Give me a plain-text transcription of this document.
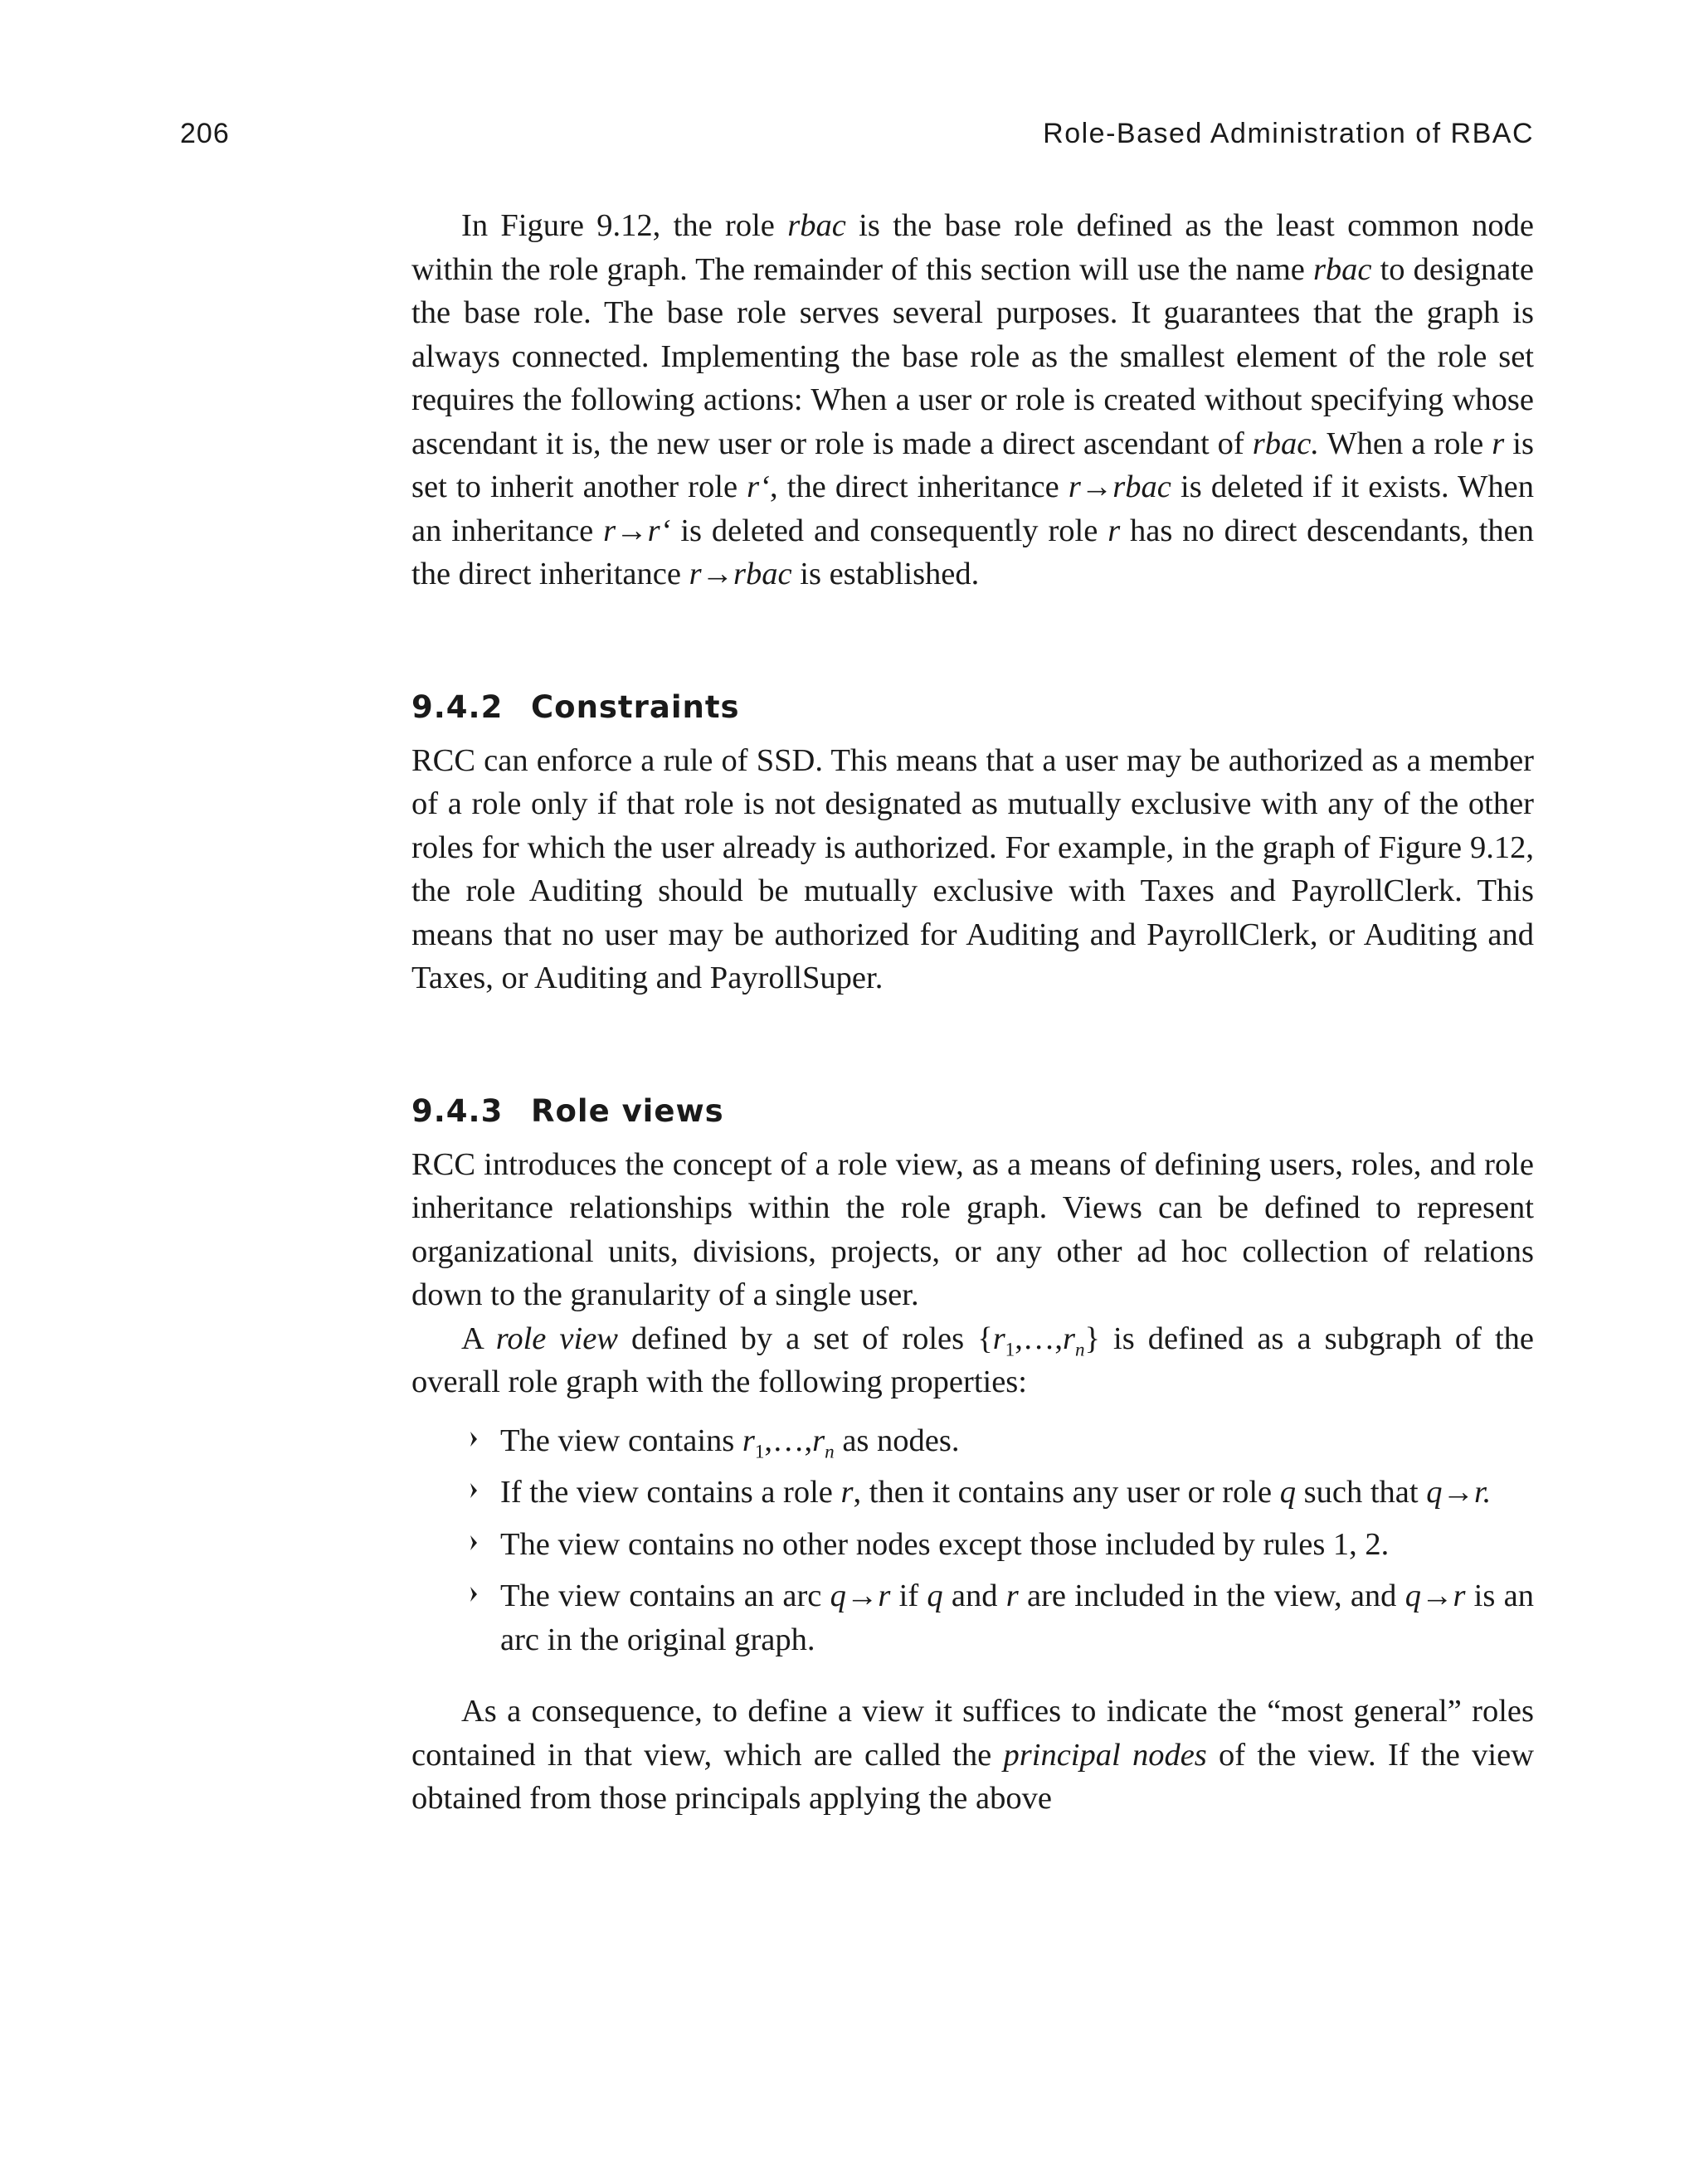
206	Role-Based Administration of RBAC

In Figure 9.12, the role rbac is the base role defined as the least common node within the role graph. The remainder of this section will use the name rbac to designate the base role. The base role serves several purposes. It guarantees that the graph is always connected. Implementing the base role as the smallest element of the role set requires the following actions: When a user or role is created without specifying whose ascendant it is, the new user or role is made a direct ascendant of rbac. When a role r is set to inherit another role r‘, the direct inheritance r→rbac is deleted if it exists. When an inheritance r→r‘ is deleted and consequently role r has no direct descendants, then the direct inheritance r→rbac is established.

9.4.2 Constraints

RCC can enforce a rule of SSD. This means that a user may be authorized as a member of a role only if that role is not designated as mutually exclusive with any of the other roles for which the user already is authorized. For example, in the graph of Figure 9.12, the role Auditing should be mutually exclusive with Taxes and PayrollClerk. This means that no user may be authorized for Auditing and PayrollClerk, or Auditing and Taxes, or Auditing and PayrollSuper.

9.4.3 Role views

RCC introduces the concept of a role view, as a means of defining users, roles, and role inheritance relationships within the role graph. Views can be defined to represent organizational units, divisions, projects, or any other ad hoc collection of relations down to the granularity of a single user.

A role view defined by a set of roles $\{r_1,\dots,r_n\}$ is defined as a subgraph of the overall role graph with the following properties:

The view contains $r_1,\dots,r_n$ as nodes.
If the view contains a role r, then it contains any user or role q such that q→r.
The view contains no other nodes except those included by rules 1, 2.
The view contains an arc q→r if q and r are included in the view, and q→r is an arc in the original graph.

As a consequence, to define a view it suffices to indicate the “most general” roles contained in that view, which are called the principal nodes of the view. If the view obtained from those principals applying the above
